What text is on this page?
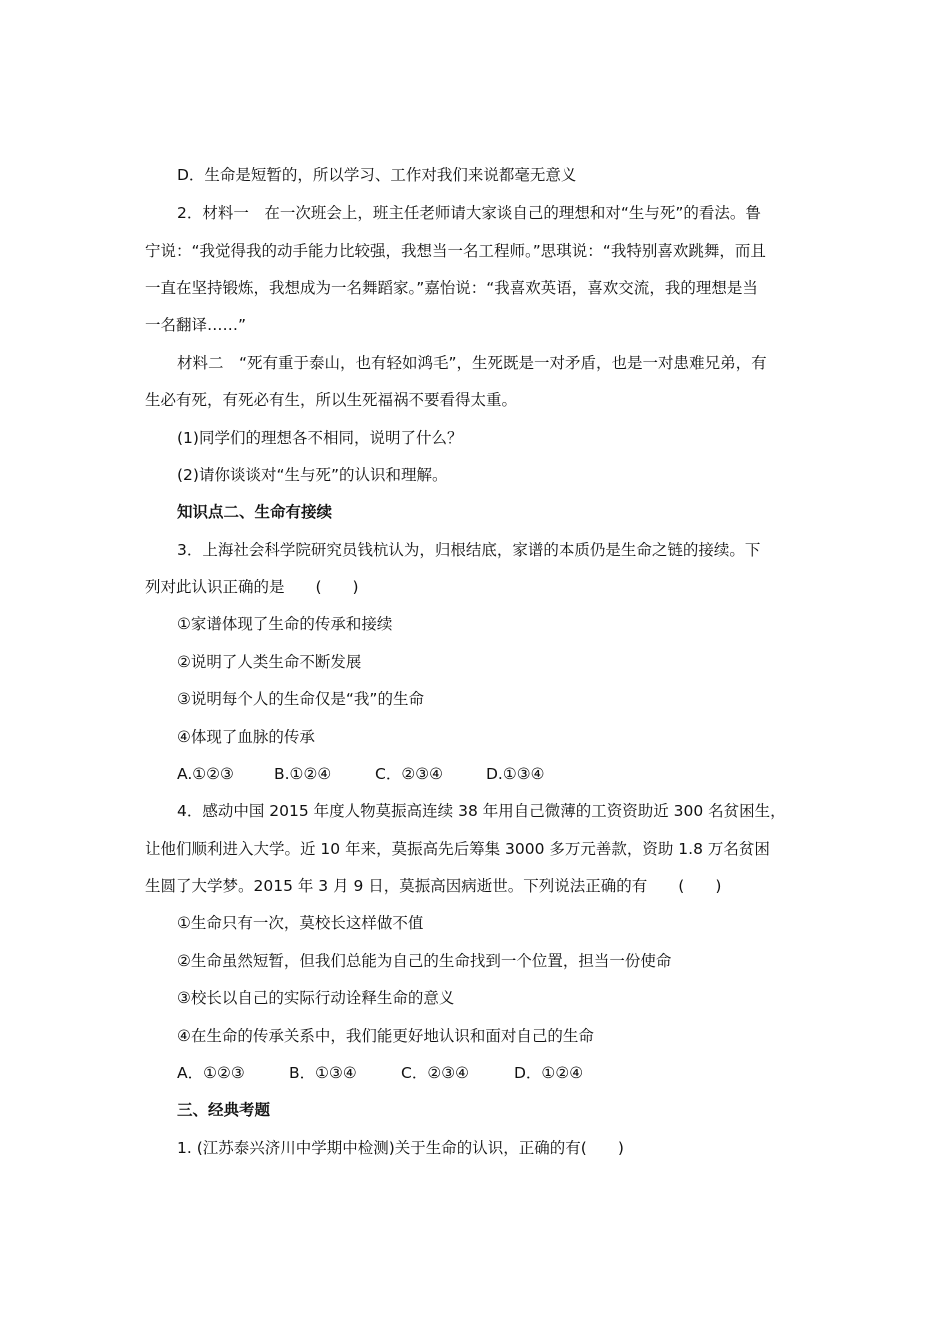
D．生命是短暂的，所以学习、工作对我们来说都毫无意义
2．材料一　在一次班会上，班主任老师请大家谈自己的理想和对“生与死”的看法。鲁
宁说：“我觉得我的动手能力比较强，我想当一名工程师。”思琪说：“我特别喜欢跳舞，而且
一直在坚持锻炼，我想成为一名舞蹈家。”嘉怡说：“我喜欢英语，喜欢交流，我的理想是当
一名翻译……”
材料二　“死有重于泰山，也有轻如鸿毛”，生死既是一对矛盾，也是一对患难兄弟，有
生必有死，有死必有生，所以生死福祸不要看得太重。
(1)同学们的理想各不相同，说明了什么？
(2)请你谈谈对“生与死”的认识和理解。
知识点二、生命有接续
3．上海社会科学院研究员钱杭认为，归根结底，家谱的本质仍是生命之链的接续。下
列对此认识正确的是　　(　　)
①家谱体现了生命的传承和接续
②说明了人类生命不断发展
③说明每个人的生命仅是“我”的生命
④体现了血脉的传承
A.①②③	B.①②④	C．②③④	D.①③④
4．感动中国 2015 年度人物莫振高连续 38 年用自己微薄的工资资助近 300 名贫困生，
让他们顺利进入大学。近 10 年来，莫振高先后筹集 3000 多万元善款，资助 1.8 万名贫困
生圆了大学梦。2015 年 3 月 9 日，莫振高因病逝世。下列说法正确的有　　(　　)
①生命只有一次，莫校长这样做不值
②生命虽然短暂，但我们总能为自己的生命找到一个位置，担当一份使命
③校长以自己的实际行动诠释生命的意义
④在生命的传承关系中，我们能更好地认识和面对自己的生命
A．①②③	B．①③④	C．②③④	D．①②④
三、经典考题
1. (江苏泰兴济川中学期中检测)关于生命的认识，正确的有(　　)
